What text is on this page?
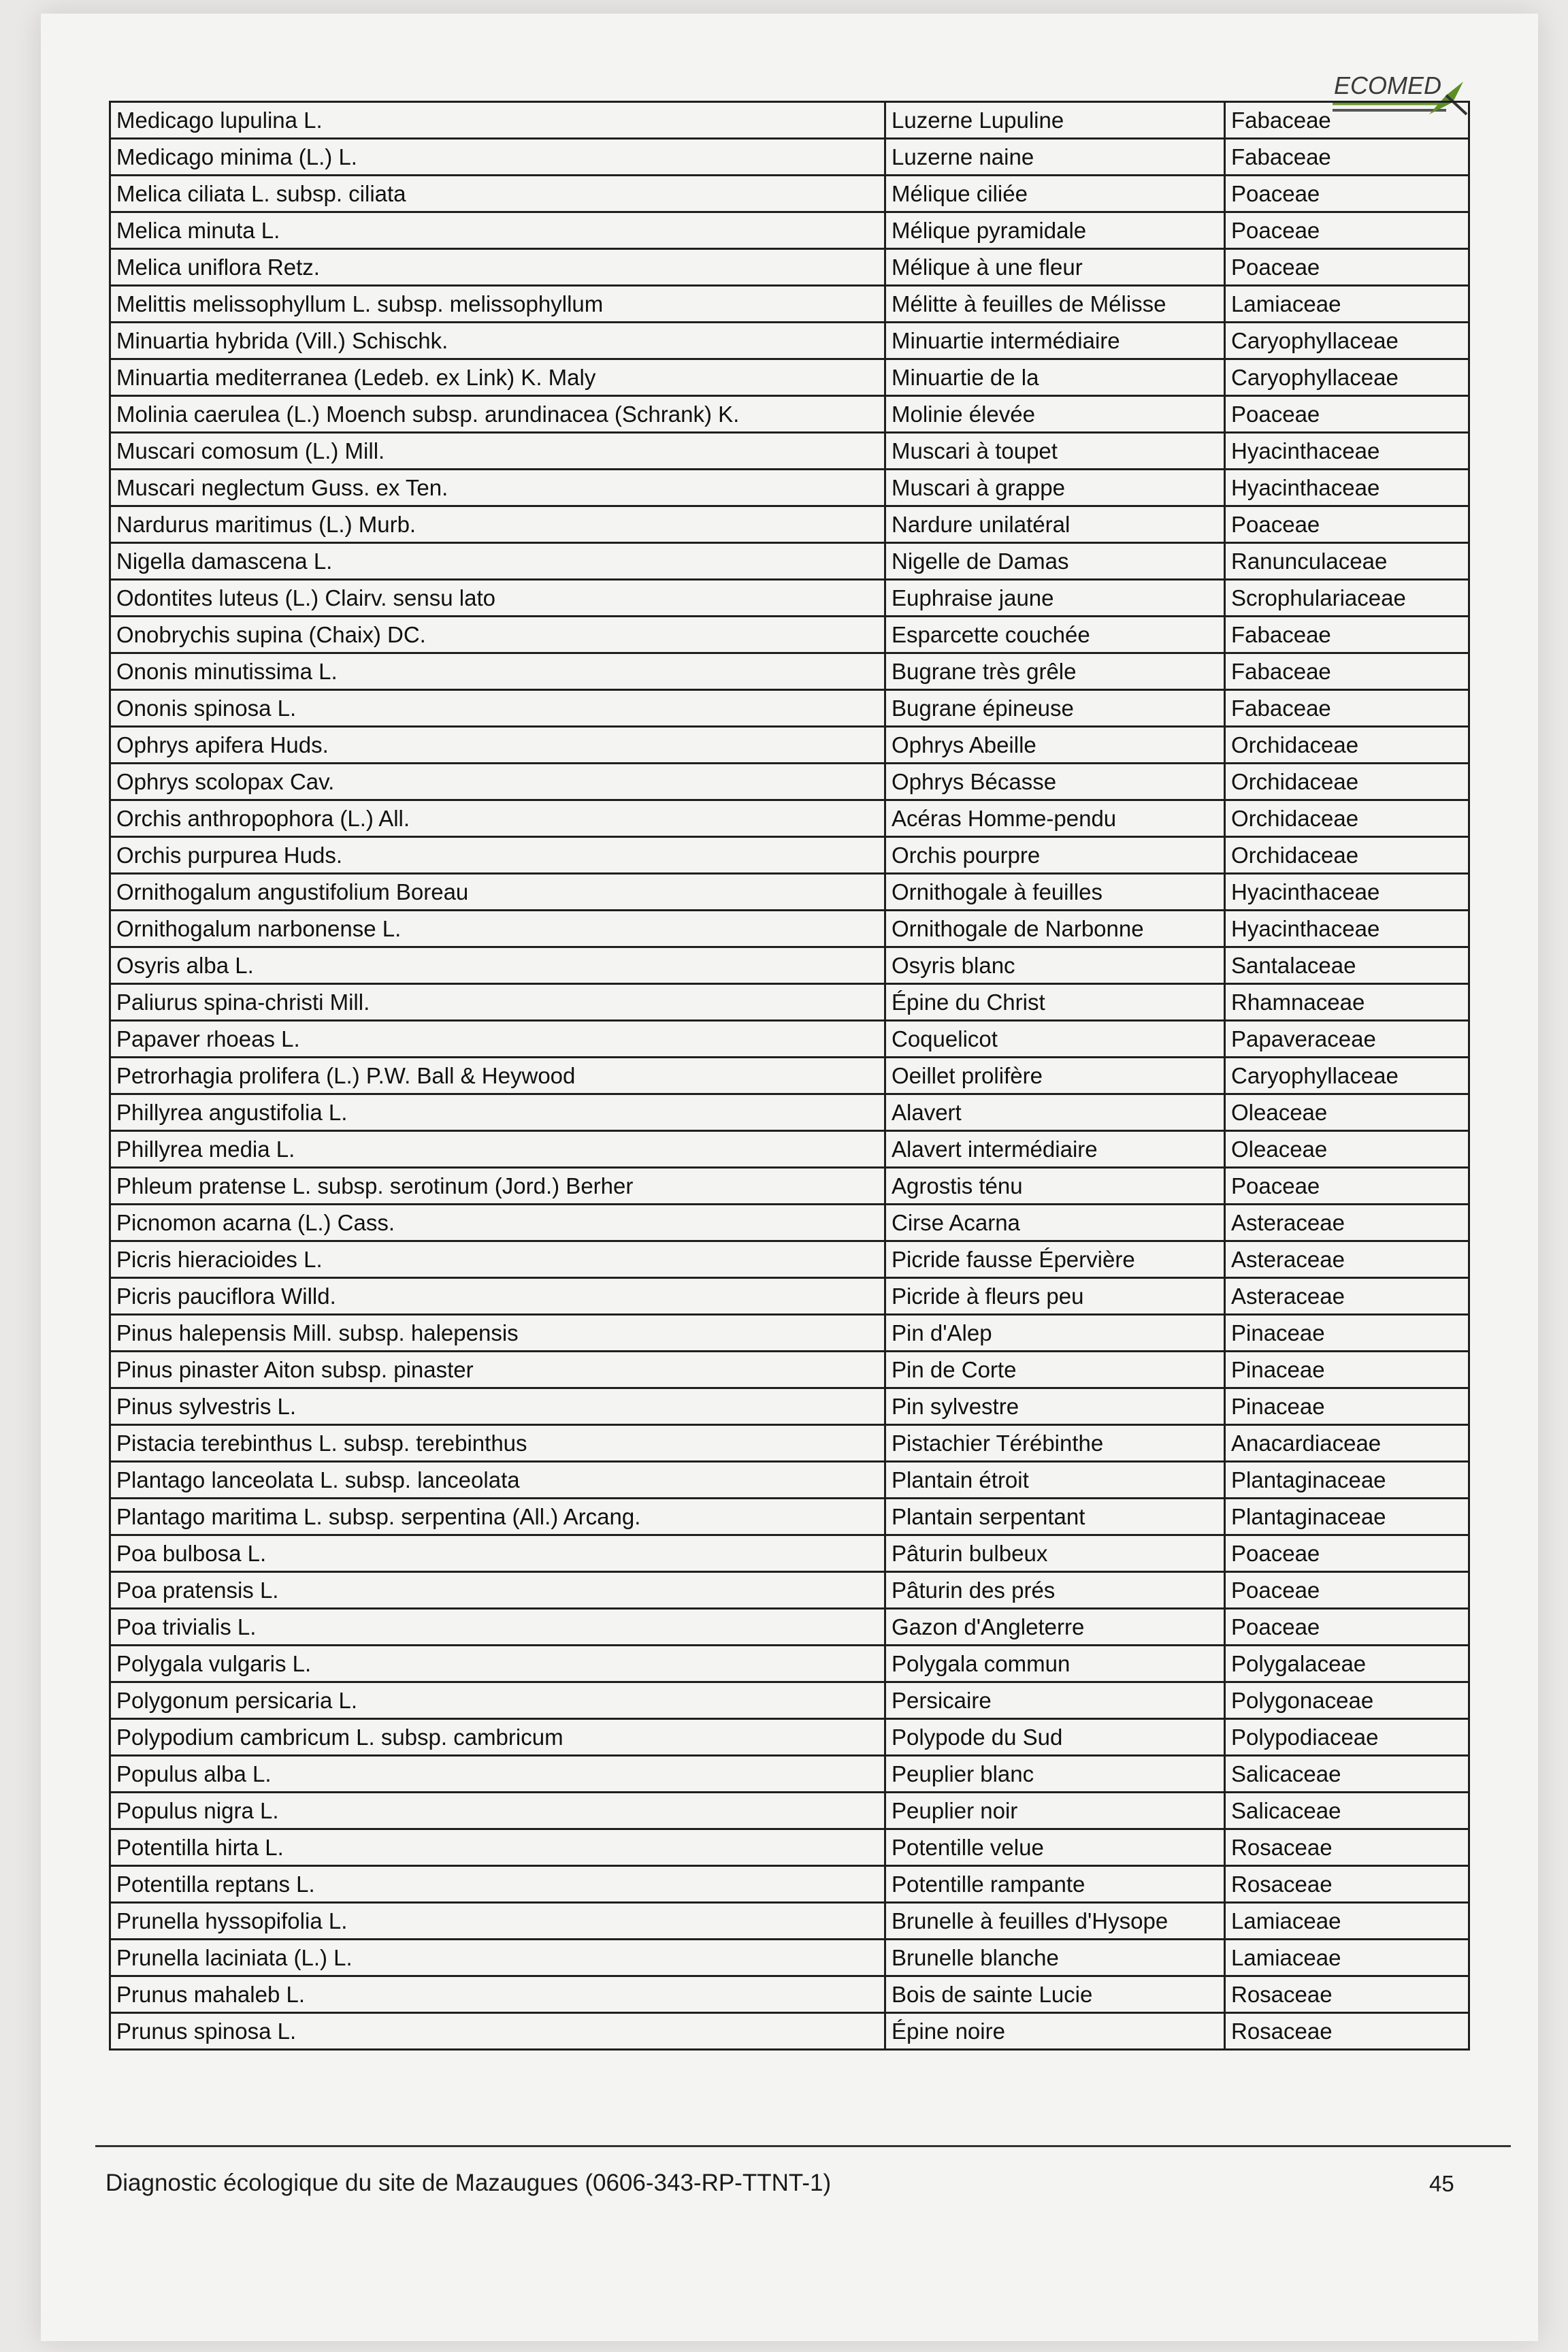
ECOMED
Medicago lupulina L.	Luzerne Lupuline	Fabaceae
Medicago minima (L.) L.	Luzerne naine	Fabaceae
Melica ciliata L. subsp. ciliata	Mélique ciliée	Poaceae
Melica minuta L.	Mélique pyramidale	Poaceae
Melica uniflora Retz.	Mélique à une fleur	Poaceae
Melittis melissophyllum L. subsp. melissophyllum	Mélitte à feuilles de Mélisse	Lamiaceae
Minuartia hybrida (Vill.) Schischk.	Minuartie intermédiaire	Caryophyllaceae
Minuartia mediterranea (Ledeb. ex Link) K. Maly	Minuartie de la	Caryophyllaceae
Molinia caerulea (L.) Moench subsp. arundinacea (Schrank) K.	Molinie élevée	Poaceae
Muscari comosum (L.) Mill.	Muscari à toupet	Hyacinthaceae
Muscari neglectum Guss. ex Ten.	Muscari à grappe	Hyacinthaceae
Nardurus maritimus (L.) Murb.	Nardure unilatéral	Poaceae
Nigella damascena L.	Nigelle de Damas	Ranunculaceae
Odontites luteus (L.) Clairv. sensu lato	Euphraise jaune	Scrophulariaceae
Onobrychis supina (Chaix) DC.	Esparcette couchée	Fabaceae
Ononis minutissima L.	Bugrane très grêle	Fabaceae
Ononis spinosa L.	Bugrane épineuse	Fabaceae
Ophrys apifera Huds.	Ophrys Abeille	Orchidaceae
Ophrys scolopax Cav.	Ophrys Bécasse	Orchidaceae
Orchis anthropophora (L.) All.	Acéras Homme-pendu	Orchidaceae
Orchis purpurea Huds.	Orchis pourpre	Orchidaceae
Ornithogalum angustifolium Boreau	Ornithogale à feuilles	Hyacinthaceae
Ornithogalum narbonense L.	Ornithogale de Narbonne	Hyacinthaceae
Osyris alba L.	Osyris blanc	Santalaceae
Paliurus spina-christi Mill.	Épine du Christ	Rhamnaceae
Papaver rhoeas L.	Coquelicot	Papaveraceae
Petrorhagia prolifera (L.) P.W. Ball & Heywood	Oeillet prolifère	Caryophyllaceae
Phillyrea angustifolia L.	Alavert	Oleaceae
Phillyrea media L.	Alavert intermédiaire	Oleaceae
Phleum pratense L. subsp. serotinum (Jord.) Berher	Agrostis ténu	Poaceae
Picnomon acarna (L.) Cass.	Cirse Acarna	Asteraceae
Picris hieracioides L.	Picride fausse Épervière	Asteraceae
Picris pauciflora Willd.	Picride à fleurs peu	Asteraceae
Pinus halepensis Mill. subsp. halepensis	Pin d'Alep	Pinaceae
Pinus pinaster Aiton subsp. pinaster	Pin de Corte	Pinaceae
Pinus sylvestris L.	Pin sylvestre	Pinaceae
Pistacia terebinthus L. subsp. terebinthus	Pistachier Térébinthe	Anacardiaceae
Plantago lanceolata L. subsp. lanceolata	Plantain étroit	Plantaginaceae
Plantago maritima L. subsp. serpentina (All.) Arcang.	Plantain serpentant	Plantaginaceae
Poa bulbosa L.	Pâturin bulbeux	Poaceae
Poa pratensis L.	Pâturin des prés	Poaceae
Poa trivialis L.	Gazon d'Angleterre	Poaceae
Polygala vulgaris L.	Polygala commun	Polygalaceae
Polygonum persicaria L.	Persicaire	Polygonaceae
Polypodium cambricum L. subsp. cambricum	Polypode du Sud	Polypodiaceae
Populus alba L.	Peuplier blanc	Salicaceae
Populus nigra L.	Peuplier noir	Salicaceae
Potentilla hirta L.	Potentille velue	Rosaceae
Potentilla reptans L.	Potentille rampante	Rosaceae
Prunella hyssopifolia L.	Brunelle à feuilles d'Hysope	Lamiaceae
Prunella laciniata (L.) L.	Brunelle blanche	Lamiaceae
Prunus mahaleb L.	Bois de sainte Lucie	Rosaceae
Prunus spinosa L.	Épine noire	Rosaceae
Diagnostic écologique du site de Mazaugues (0606-343-RP-TTNT-1)	45
